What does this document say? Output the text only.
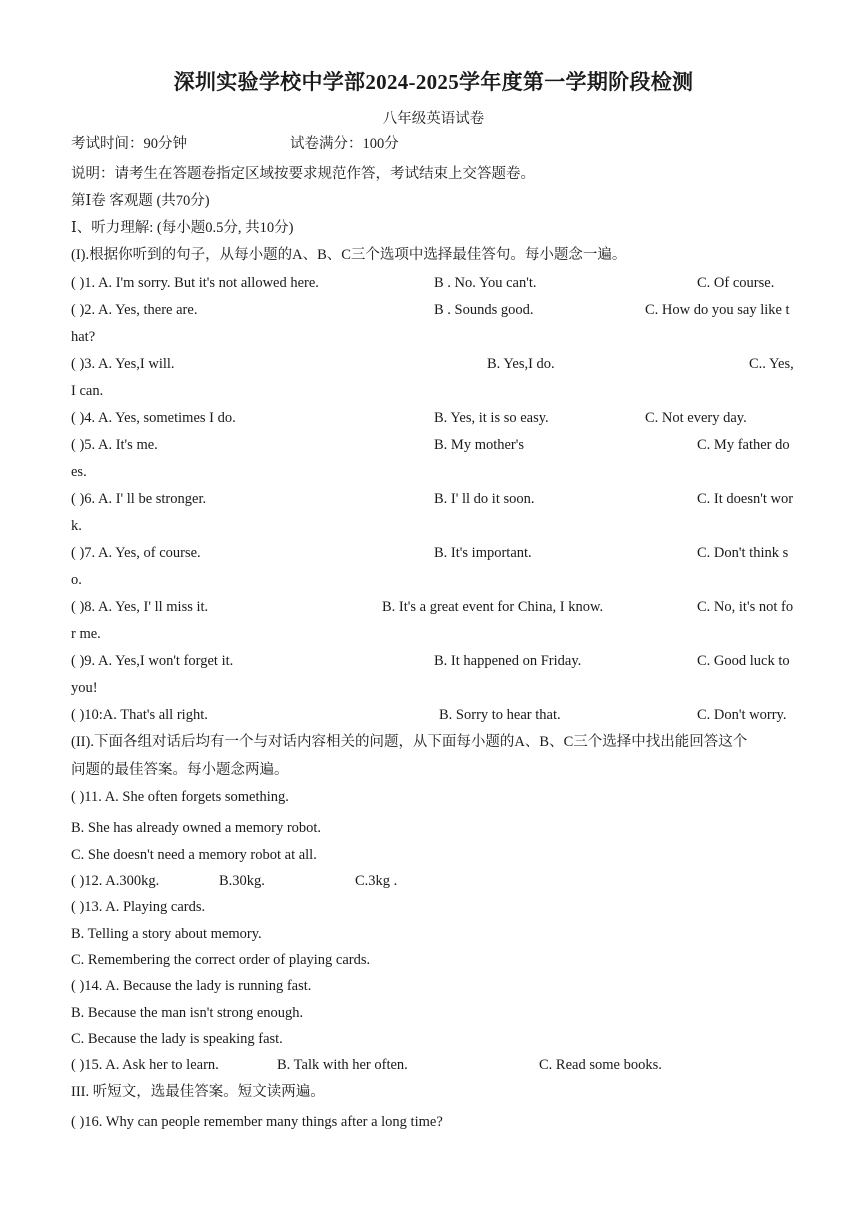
深圳实验学校中学部2024-2025学年度第一学期阶段检测
八年级英语试卷
考试时间：90分钟	试卷满分：100分
说明：请考生在答题卷指定区域按要求规范作答，考试结束上交答题卷。
第Ⅰ卷 客观题 (共70分)
Ⅰ、听力理解: (每小题0.5分, 共10分)
(I).根据你听到的句子，从每小题的A、B、C三个选项中选择最佳答句。每小题念一遍。
( )1. A. I'm sorry. But it's not allowed here.	B . No. You can't.	C. Of course.
( )2. A. Yes, there are.	B . Sounds good.	C. How do you say like t
hat?
( )3. A. Yes,I will.	B. Yes,I do.	C.. Yes,
I can.
( )4. A. Yes, sometimes I do.	B. Yes, it is so easy.	C. Not every day.
( )5. A. It's me.	B. My mother's	C. My father do
es.
( )6. A. I' ll be stronger.	B. I' ll do it soon.	C. It doesn't wor
k.
( )7. A. Yes, of course.	B. It's important.	C. Don't think s
o.
( )8. A. Yes, I' ll miss it.	B. It's a great event for China, I know.	C. No, it's not fo
r me.
( )9. A. Yes,I won't forget it.	B. It happened on Friday.	C. Good luck to
you!
( )10:A. That's all right.	B. Sorry to hear that.	C. Don't worry.
(II).下面各组对话后均有一个与对话内容相关的问题，从下面每小题的A、B、C三个选择中找出能回答这个
问题的最佳答案。每小题念两遍。
( )11. A. She often forgets something.
B. She has already owned a memory robot.
C. She doesn't need a memory robot at all.
( )12. A.300kg.	B.30kg.	C.3kg .
( )13. A. Playing cards.
B. Telling a story about memory.
C. Remembering the correct order of playing cards.
( )14. A. Because the lady is running fast.
B. Because the man isn't strong enough.
C. Because the lady is speaking fast.
( )15. A. Ask her to learn.	B. Talk with her often.	C. Read some books.
III. 听短文，选最佳答案。短文读两遍。
( )16. Why can people remember many things after a long time?
